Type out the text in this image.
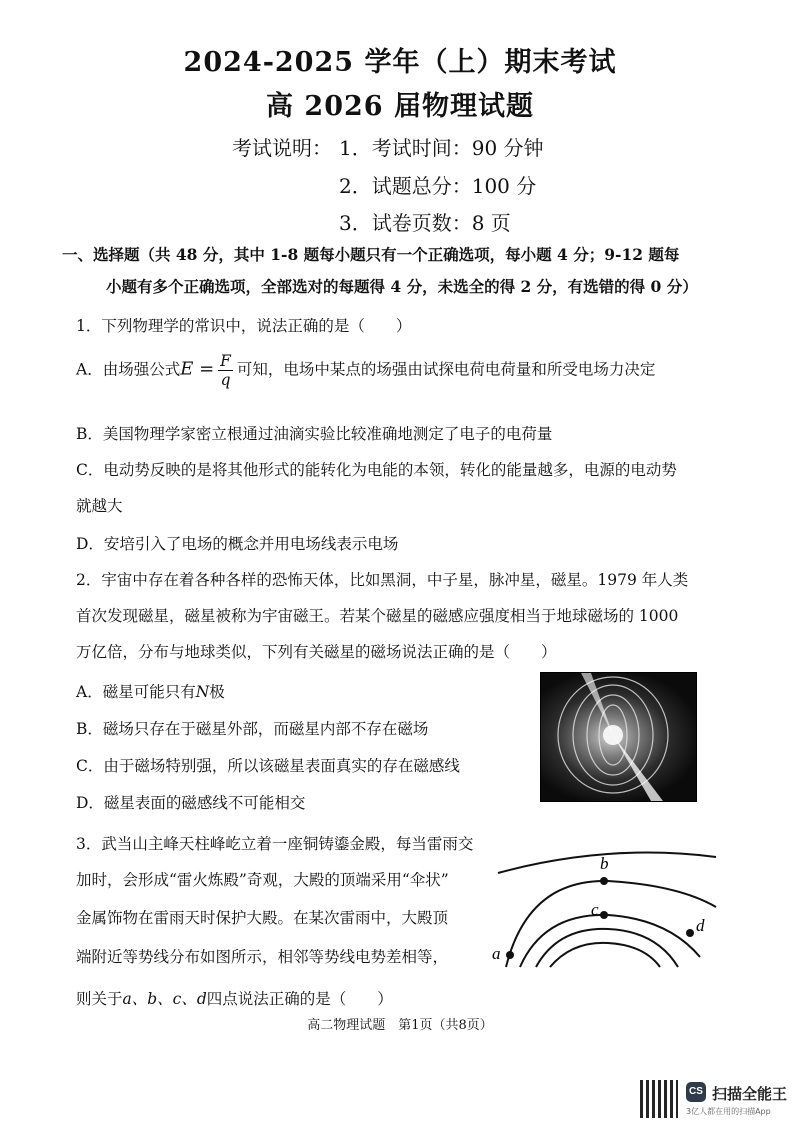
2024-2025 学年（上）期末考试
高 2026 届物理试题
考试说明： 1．考试时间：90 分钟
2．试题总分：100 分
3．试卷页数：8 页
一、选择题（共 48 分，其中 1-8 题每小题只有一个正确选项，每小题 4 分；9-12 题每
小题有多个正确选项，全部选对的每题得 4 分，未选全的得 2 分，有选错的得 0 分）
1．下列物理学的常识中，说法正确的是（　　）
A．由场强公式$E = \frac{F}{q}$ 可知，电场中某点的场强由试探电荷电荷量和所受电场力决定
B．美国物理学家密立根通过油滴实验比较准确地测定了电子的电荷量
C．电动势反映的是将其他形式的能转化为电能的本领，转化的能量越多，电源的电动势
就越大
D．安培引入了电场的概念并用电场线表示电场
2．宇宙中存在着各种各样的恐怖天体，比如黑洞，中子星，脉冲星，磁星。1979 年人类
首次发现磁星，磁星被称为宇宙磁王。若某个磁星的磁感应强度相当于地球磁场的 1000
万亿倍，分布与地球类似，下列有关磁星的磁场说法正确的是（　　）
A．磁星可能只有N极
B．磁场只存在于磁星外部，而磁星内部不存在磁场
C．由于磁场特别强，所以该磁星表面真实的存在磁感线
D．磁星表面的磁感线不可能相交
3．武当山主峰天柱峰屹立着一座铜铸鎏金殿，每当雷雨交
加时，会形成“雷火炼殿”奇观，大殿的顶端采用“伞状”
金属饰物在雷雨天时保护大殿。在某次雷雨中，大殿顶
端附近等势线分布如图所示，相邻等势线电势差相等，
则关于a、b、c、d四点说法正确的是（　　）
b
c
d
a
高二物理试题　第1页（共8页）
CS 扫描全能王
3亿人都在用的扫描App
